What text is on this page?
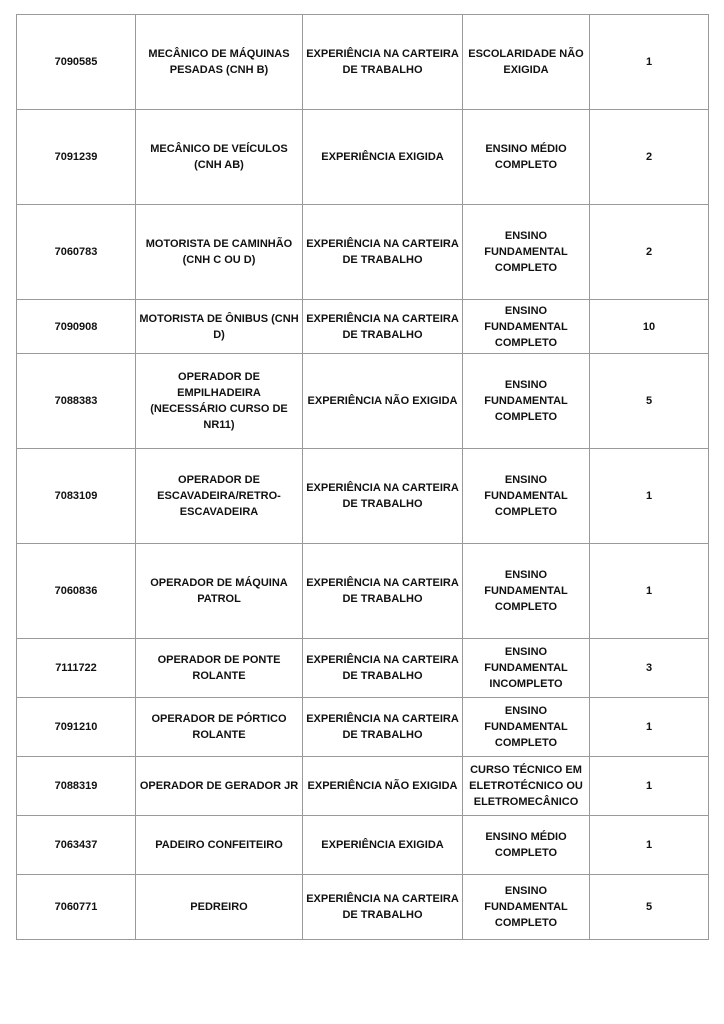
7090585	MECÂNICO DE MÁQUINAS PESADAS (CNH B)	EXPERIÊNCIA NA CARTEIRA DE TRABALHO	ESCOLARIDADE NÃO EXIGIDA	1
7091239	MECÂNICO DE VEÍCULOS (CNH AB)	EXPERIÊNCIA EXIGIDA	ENSINO MÉDIO COMPLETO	2
7060783	MOTORISTA DE CAMINHÃO (CNH C OU D)	EXPERIÊNCIA NA CARTEIRA DE TRABALHO	ENSINO FUNDAMENTAL COMPLETO	2
7090908	MOTORISTA DE ÔNIBUS (CNH D)	EXPERIÊNCIA NA CARTEIRA DE TRABALHO	ENSINO FUNDAMENTAL COMPLETO	10
7088383	OPERADOR DE EMPILHADEIRA (NECESSÁRIO CURSO DE NR11)	EXPERIÊNCIA NÃO EXIGIDA	ENSINO FUNDAMENTAL COMPLETO	5
7083109	OPERADOR DE ESCAVADEIRA/RETRO-ESCAVADEIRA	EXPERIÊNCIA NA CARTEIRA DE TRABALHO	ENSINO FUNDAMENTAL COMPLETO	1
7060836	OPERADOR DE MÁQUINA PATROL	EXPERIÊNCIA NA CARTEIRA DE TRABALHO	ENSINO FUNDAMENTAL COMPLETO	1
7111722	OPERADOR DE PONTE ROLANTE	EXPERIÊNCIA NA CARTEIRA DE TRABALHO	ENSINO FUNDAMENTAL INCOMPLETO	3
7091210	OPERADOR DE PÓRTICO ROLANTE	EXPERIÊNCIA NA CARTEIRA DE TRABALHO	ENSINO FUNDAMENTAL COMPLETO	1
7088319	OPERADOR DE GERADOR JR	EXPERIÊNCIA NÃO EXIGIDA	CURSO TÉCNICO EM ELETROTÉCNICO OU ELETROMECÂNICO	1
7063437	PADEIRO CONFEITEIRO	EXPERIÊNCIA EXIGIDA	ENSINO MÉDIO COMPLETO	1
7060771	PEDREIRO	EXPERIÊNCIA NA CARTEIRA DE TRABALHO	ENSINO FUNDAMENTAL COMPLETO	5
